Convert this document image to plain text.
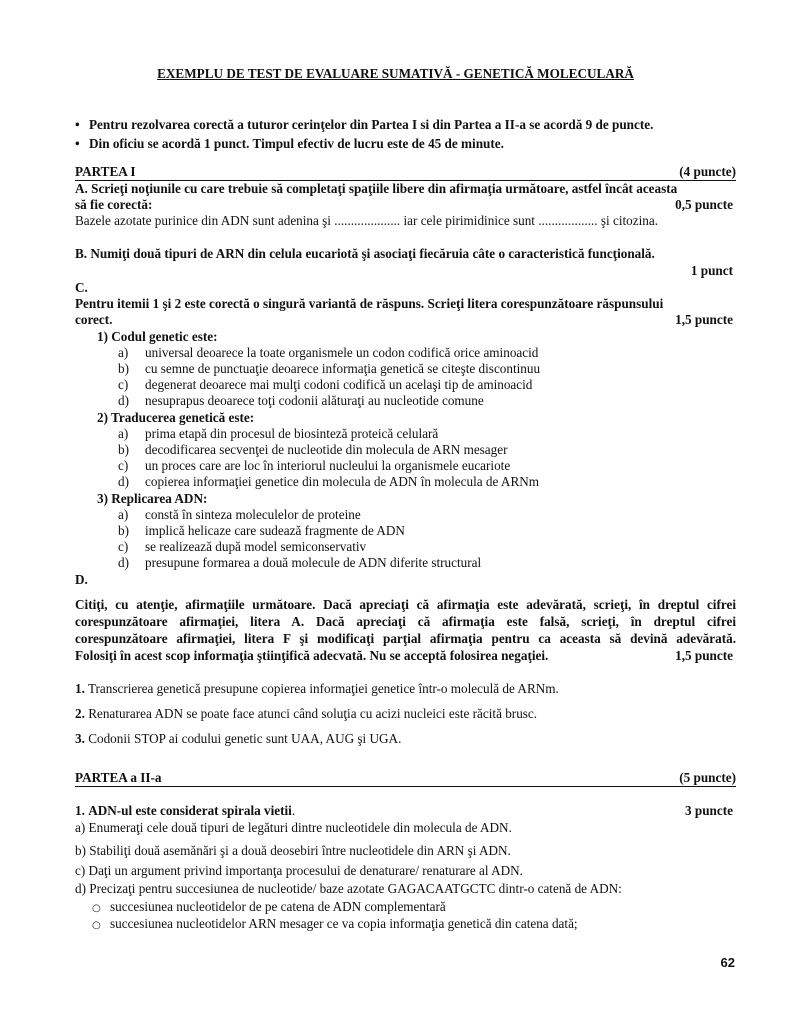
EXEMPLU DE TEST DE EVALUARE SUMATIVĂ - GENETICĂ MOLECULARĂ
• Pentru rezolvarea corectă a tuturor cerinţelor din Partea I si din Partea a II-a se acordă 9 de puncte.
• Din oficiu se acordă 1 punct. Timpul efectiv de lucru este de 45 de minute.
PARTEA I	(4 puncte)
A. Scrieţi noţiunile cu care trebuie să completaţi spaţiile libere din afirmaţia următoare, astfel încât aceasta
să fie corectă:	0,5 puncte
Bazele azotate purinice din ADN sunt adenina şi .................... iar cele pirimidinice sunt .................. şi citozina.
B. Numiţi două tipuri de ARN din celula eucariotă şi asociaţi fiecăruia câte o caracteristică funcţională.
1 punct
C.
Pentru itemii 1 şi 2 este corectă o singură variantă de răspuns. Scrieţi litera corespunzătoare răspunsului
corect.	1,5 puncte
1) Codul genetic este:
a) universal deoarece la toate organismele un codon codifică orice aminoacid
b) cu semne de punctuaţie deoarece informaţia genetică se citeşte discontinuu
c) degenerat deoarece mai mulţi codoni codifică un acelaşi tip de aminoacid
d) nesuprapus deoarece toţi codonii alăturaţi au nucleotide comune
2) Traducerea genetică este:
a) prima etapă din procesul de biosinteză proteică celulară
b) decodificarea secvenţei de nucleotide din molecula de ARN mesager
c) un proces care are loc în interiorul nucleului la organismele eucariote
d) copierea informaţiei genetice din molecula de ADN în molecula de ARNm
3) Replicarea ADN:
a) constă în sinteza moleculelor de proteine
b) implică helicaze care sudează fragmente de ADN
c) se realizează după model semiconservativ
d) presupune formarea a două molecule de ADN diferite structural
D.
Citiţi, cu atenţie, afirmaţiile următoare. Dacă apreciaţi că afirmaţia este adevărată, scrieţi, în dreptul cifrei
corespunzătoare afirmaţiei, litera A. Dacă apreciaţi că afirmaţia este falsă, scrieţi, în dreptul cifrei
corespunzătoare afirmaţiei, litera F şi modificaţi parţial afirmaţia pentru ca aceasta să devină adevărată.
Folosiţi în acest scop informaţia ştiinţifică adecvată. Nu se acceptă folosirea negaţiei.	1,5 puncte
1. Transcrierea genetică presupune copierea informaţiei genetice într-o moleculă de ARNm.
2. Renaturarea ADN se poate face atunci când soluţia cu acizi nucleici este răcită brusc.
3. Codonii STOP ai codului genetic sunt UAA, AUG şi UGA.
PARTEA a II-a	(5 puncte)
1. ADN-ul este considerat spirala vietii.	3 puncte
a) Enumeraţi cele două tipuri de legături dintre nucleotidele din molecula de ADN.
b) Stabiliţi două asemănări şi a două deosebiri între nucleotidele din ARN şi ADN.
c) Daţi un argument privind importanţa procesului de denaturare/ renaturare al ADN.
d) Precizaţi pentru succesiunea de nucleotide/ baze azotate GAGACAATGCTC dintr-o catenă de ADN:
○ succesiunea nucleotidelor de pe catena de ADN complementară
○ succesiunea nucleotidelor ARN mesager ce va copia informaţia genetică din catena dată;
62
